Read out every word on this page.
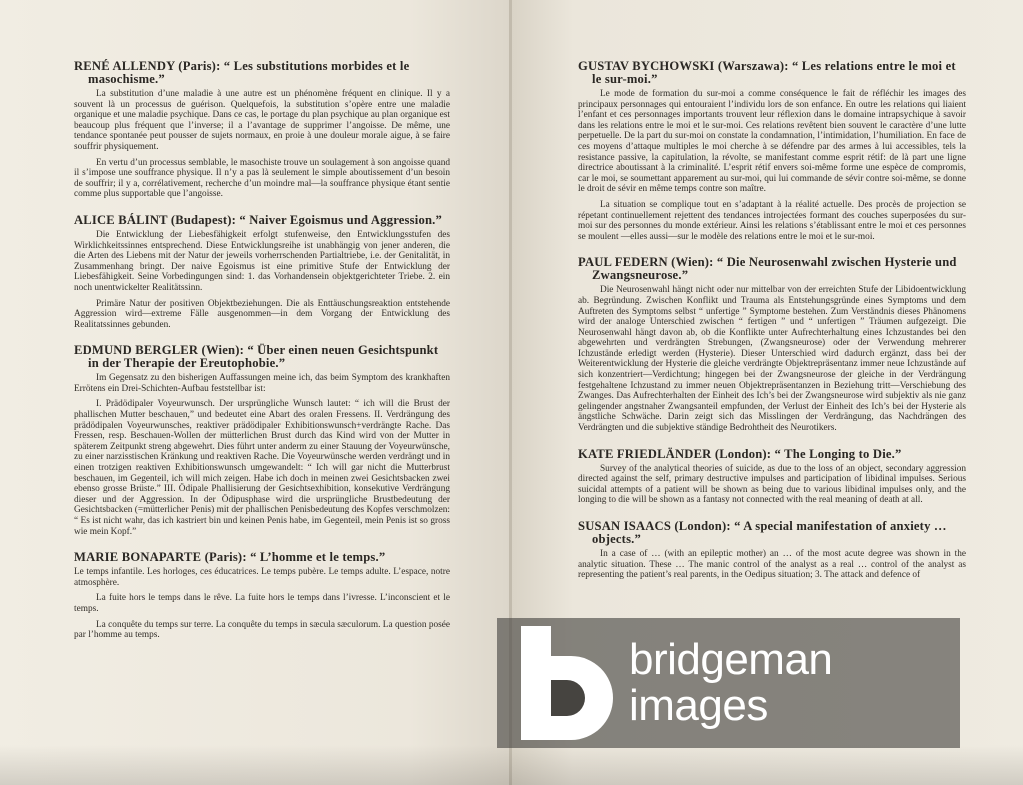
RENÉ ALLENDY (Paris): “ Les substitutions morbides et le masochisme.”

La substitution d’une maladie à une autre est un phénomène fréquent en clinique. Il y a souvent là un processus de guérison. Quelquefois, la substitution s’opère entre une maladie organique et une maladie psychique. Dans ce cas, le portage du plan psychique au plan organique est beaucoup plus fréquent que l’inverse; il a l’avantage de supprimer l’angoisse. De même, une tendance spontanée peut pousser de sujets normaux, en proie à une douleur morale aigue, à se faire souffrir physiquement.

En vertu d’un processus semblable, le masochiste trouve un soulagement à son angoisse quand il s’impose une souffrance physique. Il n’y a pas là seulement le simple aboutissement d’un besoin de souffrir; il y a, corrélativement, recherche d’un moindre mal—la souffrance physique étant sentie comme plus supportable que l’angoisse.

ALICE BÁLINT (Budapest): “ Naiver Egoismus und Aggression.”

Die Entwicklung der Liebesfähigkeit erfolgt stufenweise, den Entwicklungsstufen des Wirklichkeitssinnes entsprechend. Diese Entwicklungsreihe ist unabhängig von jener anderen, die die Arten des Liebens mit der Natur der jeweils vorherrschenden Partialtriebe, i.e. der Genitalität, in Zusammenhang bringt. Der naive Egoismus ist eine primitive Stufe der Entwicklung der Liebesfähigkeit. Seine Vorbedingungen sind: 1. das Vorhandensein objektgerichteter Triebe. 2. ein noch unentwickelter Realitätssinn.

Primäre Natur der positiven Objektbeziehungen. Die als Enttäuschungsreaktion entstehende Aggression wird—extreme Fälle ausgenommen—in dem Vorgang der Entwicklung des Realitatssinnes gebunden.

EDMUND BERGLER (Wien): “ Über einen neuen Gesichtspunkt in der Therapie der Ereutophobie.”

Im Gegensatz zu den bisherigen Auffassungen meine ich, das beim Symptom des krankhaften Errötens ein Drei-Schichten-Aufbau feststellbar ist:

I. Prädödipaler Voyeurwunsch. Der ursprüngliche Wunsch lautet: “ ich will die Brust der phallischen Mutter beschauen,” und bedeutet eine Abart des oralen Fressens. II. Verdrängung des prädödipalen Voyeurwunsches, reaktiver prädödipaler Exhibitionswunsch+verdrängte Rache. Das Fressen, resp. Beschauen-Wollen der mütterlichen Brust durch das Kind wird von der Mutter in späterem Zeitpunkt streng abgewehrt. Dies führt unter anderm zu einer Stauung der Voyeurwünsche, zu einer narzisstischen Kränkung und reaktiven Rache. Die Voyeurwünsche werden verdrängt und in einen trotzigen reaktiven Exhibitionswunsch umgewandelt: “ Ich will gar nicht die Mutterbrust beschauen, im Gegenteil, ich will mich zeigen. Habe ich doch in meinen zwei Gesichtsbacken zwei ebenso grosse Brüste.” III. Ödipale Phallisierung der Gesichtsexhibition, konsekutive Verdrängung dieser und der Aggression. In der Ödipusphase wird die ursprüngliche Brustbedeutung der Gesichtsbacken (=mütterlicher Penis) mit der phallischen Penisbedeutung des Kopfes verschmolzen: “ Es ist nicht wahr, das ich kastriert bin und keinen Penis habe, im Gegenteil, mein Penis ist so gross wie mein Kopf.”

MARIE BONAPARTE (Paris): “ L’homme et le temps.”

Le temps infantile. Les horloges, ces éducatrices. Le temps pubère. Le temps adulte. L’espace, notre atmosphère.

La fuite hors le temps dans le rêve. La fuite hors le temps dans l’ivresse. L’inconscient et le temps.

La conquête du temps sur terre. La conquête du temps in sæcula sæculorum. La question posée par l’homme au temps.

GUSTAV BYCHOWSKI (Warszawa): “ Les relations entre le moi et le sur-moi.”

Le mode de formation du sur-moi a comme conséquence le fait de réfléchir les images des principaux personnages qui entouraient l’individu lors de son enfance. En outre les relations qui liaient l’enfant et ces personnages importants trouvent leur réflexion dans le domaine intrapsychique à savoir dans les relations entre le moi et le sur-moi. Ces relations revêtent bien souvent le caractère d’une lutte perpetuelle. De la part du sur-moi on constate la condamnation, l’intimidation, l’humiliation. En face de ces moyens d’attaque multiples le moi cherche à se défendre par des armes à lui accessibles, tels la resistance passive, la capitulation, la révolte, se manifestant comme esprit rétif: de là part une ligne directrice aboutissant à la criminalité. L’esprit rétif envers soi-même forme une espèce de compromis, car le moi, se soumettant apparement au sur-moi, qui lui commande de sévir contre soi-même, se donne le droit de sévir en même temps contre son maître.

La situation se complique tout en s’adaptant à la réalité actuelle. Des procès de projection se répetant continuellement rejettent des tendances introjectées formant des couches superposées du sur-moi sur des personnes du monde extérieur. Ainsi les relations s’établissant entre le moi et ces personnes se moulent —elles aussi—sur le modèle des relations entre le moi et le sur-moi.

PAUL FEDERN (Wien): “ Die Neurosenwahl zwischen Hysterie und Zwangsneurose.”

Die Neurosenwahl hängt nicht oder nur mittelbar von der erreichten Stufe der Libidoentwicklung ab. Begründung. Zwischen Konflikt und Trauma als Entstehungsgründe eines Symptoms und dem Auftreten des Symptoms selbst “ unfertige ” Symptome bestehen. Zum Verständnis dieses Phänomens wird der analoge Unterschied zwischen “ fertigen ” und “ unfertigen ” Träumen aufgezeigt. Die Neurosenwahl hängt davon ab, ob die Konflikte unter Aufrechterhaltung eines Ichzustandes bei den abgewehrten und verdrängten Strebungen, (Zwangsneurose) oder der Verwendung mehrerer Ichzustände erledigt werden (Hysterie). Dieser Unterschied wird dadurch ergänzt, dass bei der Weiterentwicklung der Hysterie die gleiche verdrängte Objektrepräsentanz immer neue Ichzustände auf sich konzentriert—Verdichtung; hingegen bei der Zwangsneurose der gleiche in der Verdrängung festgehaltene Ichzustand zu immer neuen Objektrepräsentanzen in Beziehung tritt—Verschiebung des Zwanges. Das Aufrechterhalten der Einheit des Ich’s bei der Zwangsneurose wird subjektiv als nie ganz gelingender angstnaher Zwangsanteil empfunden, der Verlust der Einheit des Ich’s bei der Hysterie als ängstliche Schwäche. Darin zeigt sich das Misslingen der Verdrängung, das Nachdrängen des Verdrängten und die subjektive ständige Bedrohtheit des Neurotikers.

KATE FRIEDLÄNDER (London): “ The Longing to Die.”

Survey of the analytical theories of suicide, as due to the loss of an object, secondary aggression directed against the self, primary destructive impulses and participation of libidinal impulses. Serious suicidal attempts of a patient will be shown as being due to various libidinal impulses only, and the longing to die will be shown as a fantasy not connected with the real meaning of death at all.

SUSAN ISAACS (London): “ A special manifestation of anxiety … objects.”

In a case of … (with an epileptic mother) an … of the most acute degree was shown in the analytic situation. These … The manic control of the analyst as a real … control of the analyst as representing the patient’s real parents, in the Oedipus situation; 3. The attack and defence of

bridgeman
images
